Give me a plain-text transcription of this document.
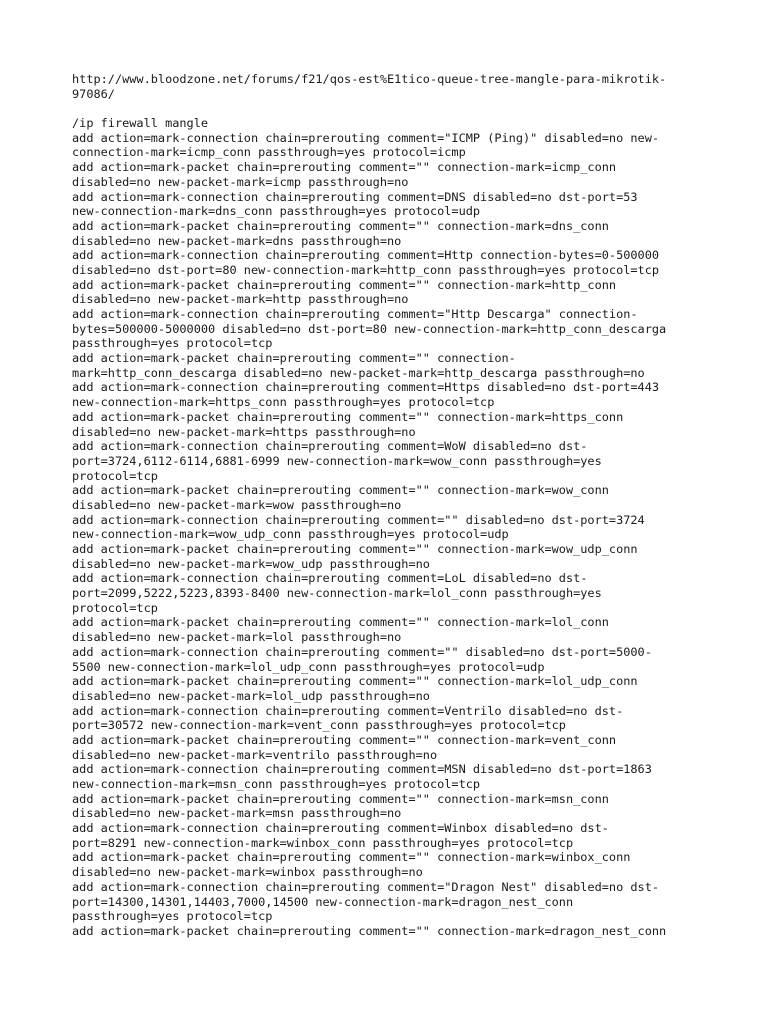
http://www.bloodzone.net/forums/f21/qos-est%E1tico-queue-tree-mangle-para-mikrotik-
97086/
/ip firewall mangle
add action=mark-connection chain=prerouting comment="ICMP (Ping)" disabled=no new-
connection-mark=icmp_conn passthrough=yes protocol=icmp
add action=mark-packet chain=prerouting comment="" connection-mark=icmp_conn
disabled=no new-packet-mark=icmp passthrough=no
add action=mark-connection chain=prerouting comment=DNS disabled=no dst-port=53
new-connection-mark=dns_conn passthrough=yes protocol=udp
add action=mark-packet chain=prerouting comment="" connection-mark=dns_conn
disabled=no new-packet-mark=dns passthrough=no
add action=mark-connection chain=prerouting comment=Http connection-bytes=0-500000
disabled=no dst-port=80 new-connection-mark=http_conn passthrough=yes protocol=tcp
add action=mark-packet chain=prerouting comment="" connection-mark=http_conn
disabled=no new-packet-mark=http passthrough=no
add action=mark-connection chain=prerouting comment="Http Descarga" connection-
bytes=500000-5000000 disabled=no dst-port=80 new-connection-mark=http_conn_descarga
passthrough=yes protocol=tcp
add action=mark-packet chain=prerouting comment="" connection-
mark=http_conn_descarga disabled=no new-packet-mark=http_descarga passthrough=no
add action=mark-connection chain=prerouting comment=Https disabled=no dst-port=443
new-connection-mark=https_conn passthrough=yes protocol=tcp
add action=mark-packet chain=prerouting comment="" connection-mark=https_conn
disabled=no new-packet-mark=https passthrough=no
add action=mark-connection chain=prerouting comment=WoW disabled=no dst-
port=3724,6112-6114,6881-6999 new-connection-mark=wow_conn passthrough=yes
protocol=tcp
add action=mark-packet chain=prerouting comment="" connection-mark=wow_conn
disabled=no new-packet-mark=wow passthrough=no
add action=mark-connection chain=prerouting comment="" disabled=no dst-port=3724
new-connection-mark=wow_udp_conn passthrough=yes protocol=udp
add action=mark-packet chain=prerouting comment="" connection-mark=wow_udp_conn
disabled=no new-packet-mark=wow_udp passthrough=no
add action=mark-connection chain=prerouting comment=LoL disabled=no dst-
port=2099,5222,5223,8393-8400 new-connection-mark=lol_conn passthrough=yes
protocol=tcp
add action=mark-packet chain=prerouting comment="" connection-mark=lol_conn
disabled=no new-packet-mark=lol passthrough=no
add action=mark-connection chain=prerouting comment="" disabled=no dst-port=5000-
5500 new-connection-mark=lol_udp_conn passthrough=yes protocol=udp
add action=mark-packet chain=prerouting comment="" connection-mark=lol_udp_conn
disabled=no new-packet-mark=lol_udp passthrough=no
add action=mark-connection chain=prerouting comment=Ventrilo disabled=no dst-
port=30572 new-connection-mark=vent_conn passthrough=yes protocol=tcp
add action=mark-packet chain=prerouting comment="" connection-mark=vent_conn
disabled=no new-packet-mark=ventrilo passthrough=no
add action=mark-connection chain=prerouting comment=MSN disabled=no dst-port=1863
new-connection-mark=msn_conn passthrough=yes protocol=tcp
add action=mark-packet chain=prerouting comment="" connection-mark=msn_conn
disabled=no new-packet-mark=msn passthrough=no
add action=mark-connection chain=prerouting comment=Winbox disabled=no dst-
port=8291 new-connection-mark=winbox_conn passthrough=yes protocol=tcp
add action=mark-packet chain=prerouting comment="" connection-mark=winbox_conn
disabled=no new-packet-mark=winbox passthrough=no
add action=mark-connection chain=prerouting comment="Dragon Nest" disabled=no dst-
port=14300,14301,14403,7000,14500 new-connection-mark=dragon_nest_conn
passthrough=yes protocol=tcp
add action=mark-packet chain=prerouting comment="" connection-mark=dragon_nest_conn
